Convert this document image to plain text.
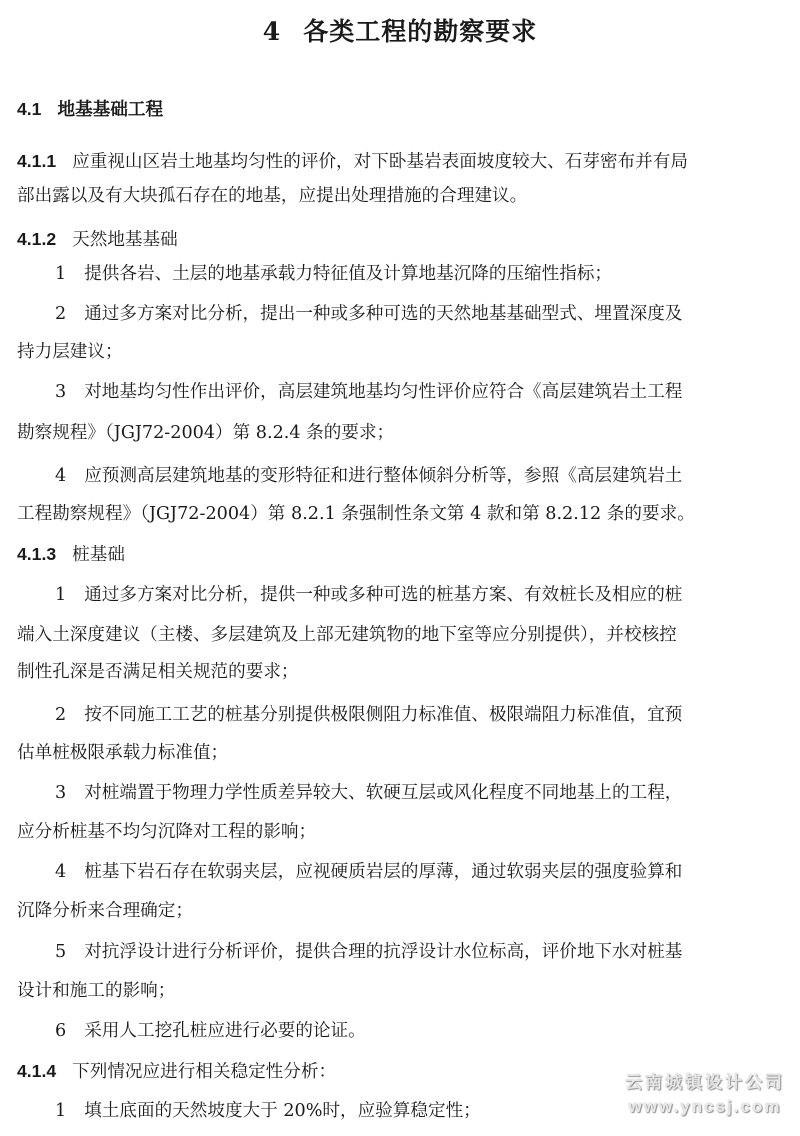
4 各类工程的勘察要求
4.1 地基基础工程
4.1.1 应重视山区岩土地基均匀性的评价，对下卧基岩表面坡度较大、石芽密布并有局
部出露以及有大块孤石存在的地基，应提出处理措施的合理建议。
4.1.2 天然地基基础
1 提供各岩、土层的地基承载力特征值及计算地基沉降的压缩性指标；
2 通过多方案对比分析，提出一种或多种可选的天然地基基础型式、埋置深度及
持力层建议；
3 对地基均匀性作出评价，高层建筑地基均匀性评价应符合《高层建筑岩土工程
勘察规程》（JGJ72-2004）第 8.2.4 条的要求；
4 应预测高层建筑地基的变形特征和进行整体倾斜分析等，参照《高层建筑岩土
工程勘察规程》（JGJ72-2004）第 8.2.1 条强制性条文第 4 款和第 8.2.12 条的要求。
4.1.3 桩基础
1 通过多方案对比分析，提供一种或多种可选的桩基方案、有效桩长及相应的桩
端入土深度建议（主楼、多层建筑及上部无建筑物的地下室等应分别提供），并校核控
制性孔深是否满足相关规范的要求；
2 按不同施工工艺的桩基分别提供极限侧阻力标准值、极限端阻力标准值，宜预
估单桩极限承载力标准值；
3 对桩端置于物理力学性质差异较大、软硬互层或风化程度不同地基上的工程，
应分析桩基不均匀沉降对工程的影响；
4 桩基下岩石存在软弱夹层，应视硬质岩层的厚薄，通过软弱夹层的强度验算和
沉降分析来合理确定；
5 对抗浮设计进行分析评价，提供合理的抗浮设计水位标高，评价地下水对桩基
设计和施工的影响；
6 采用人工挖孔桩应进行必要的论证。
4.1.4 下列情况应进行相关稳定性分析：
1 填土底面的天然坡度大于 20%时，应验算稳定性；
云南城镇设计公司
www.yncsj.com
